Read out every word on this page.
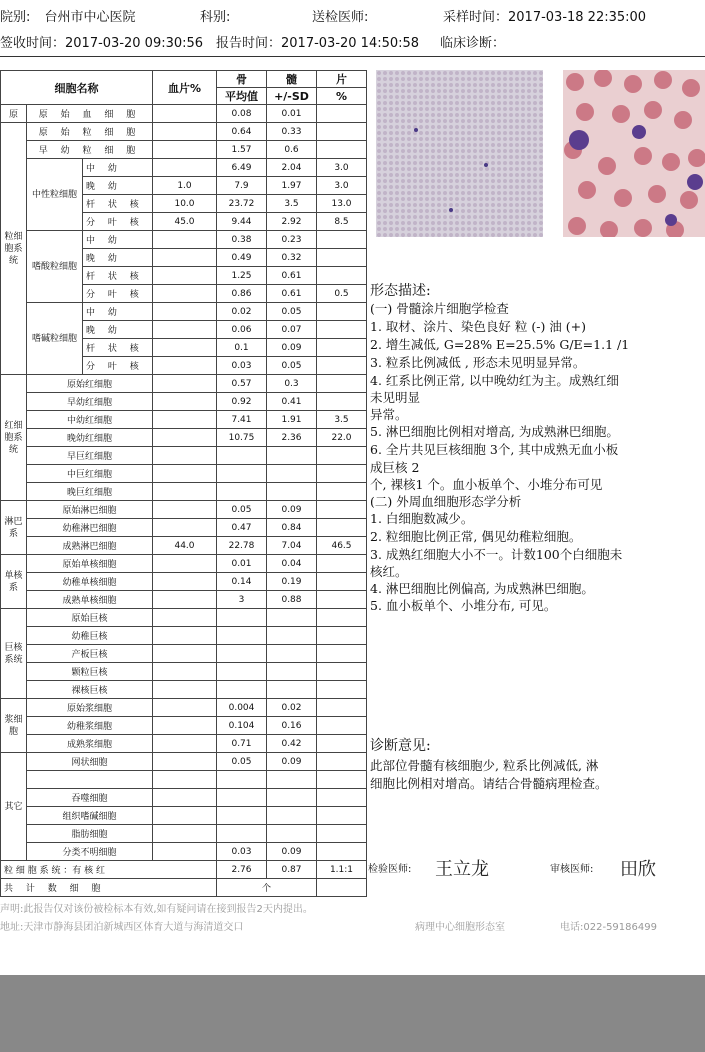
院别: 台州市中心医院	科别:	送检医师:	采样时间：2017-03-18 22:35:00
签收时间：2017-03-20 09:30:56 报告时间：2017-03-20 14:50:58 临床诊断：
细胞名称			血片%	骨	髓	片
				平均值	+/-SD	%
原	原 始 血 细 胞			0.08	0.01	
粒细胞系统	原 始 粒 细 胞			0.64	0.33	
	早 幼 粒 细 胞			1.57	0.6	
	中性粒细胞	中 幼		6.49	2.04	3.0
		晚 幼	1.0	7.9	1.97	3.0
		杆 状 核	10.0	23.72	3.5	13.0
		分 叶 核	45.0	9.44	2.92	8.5
	嗜酸粒细胞	中 幼		0.38	0.23	
		晚 幼		0.49	0.32	
		杆 状 核		1.25	0.61	
		分 叶 核		0.86	0.61	0.5
	嗜碱粒细胞	中 幼		0.02	0.05	
		晚 幼		0.06	0.07	
		杆 状 核		0.1	0.09	
		分 叶 核		0.03	0.05	
红细胞系统	原始红细胞			0.57	0.3	
	早幼红细胞			0.92	0.41	
	中幼红细胞			7.41	1.91	3.5
	晚幼红细胞			10.75	2.36	22.0
	早巨红细胞					
	中巨红细胞					
	晚巨红细胞					
淋巴系	原始淋巴细胞			0.05	0.09	
	幼稚淋巴细胞			0.47	0.84	
	成熟淋巴细胞		44.0	22.78	7.04	46.5
单核系	原始单核细胞			0.01	0.04	
	幼稚单核细胞			0.14	0.19	
	成熟单核细胞			3	0.88	
巨核系统	原始巨核					
	幼稚巨核					
	产板巨核					
	颗粒巨核					
	裸核巨核					
浆细胞	原始浆细胞			0.004	0.02	
	幼稚浆细胞			0.104	0.16	
	成熟浆细胞			0.71	0.42	
其它	网状细胞			0.05	0.09	

	吞噬细胞					
	组织嗜碱细胞					
	脂肪细胞					
	分类不明细胞			0.03	0.09	
粒 细 胞 系 统 ：有 核 红				2.76	0.87	1.1:1
共 计 数 细 胞				个		
形态描述:
(一) 骨髓涂片细胞学检查
1. 取材、涂片、染色良好 粒 (-) 油 (+)
2. 增生减低, G=28% E=25.5% G/E=1.1 /1
3. 粒系比例减低 , 形态未见明显异常。
4. 红系比例正常, 以中晚幼红为主。成熟红细
未见明显
异常。
5. 淋巴细胞比例相对增高, 为成熟淋巴细胞。
6. 全片共见巨核细胞 3个, 其中成熟无血小板
成巨核 2
个, 裸核1 个。血小板单个、小堆分布可见
(二) 外周血细胞形态学分析
1. 白细胞数减少。
2. 粒细胞比例正常, 偶见幼稚粒细胞。
3. 成熟红细胞大小不一。计数100个白细胞未
核红。
4. 淋巴细胞比例偏高, 为成熟淋巴细胞。
5. 血小板单个、小堆分布, 可见。
诊断意见:
此部位骨髓有核细胞少, 粒系比例减低, 淋
细胞比例相对增高。请结合骨髓病理检查。
检验医师: 王立龙	审核医师: 田欣
声明:此报告仅对该份被检标本有效,如有疑问请在接到报告2天内提出。
地址:天津市静海县团泊新城西区体育大道与海清道交口	病理中心细胞形态室	电话:022-59186499
